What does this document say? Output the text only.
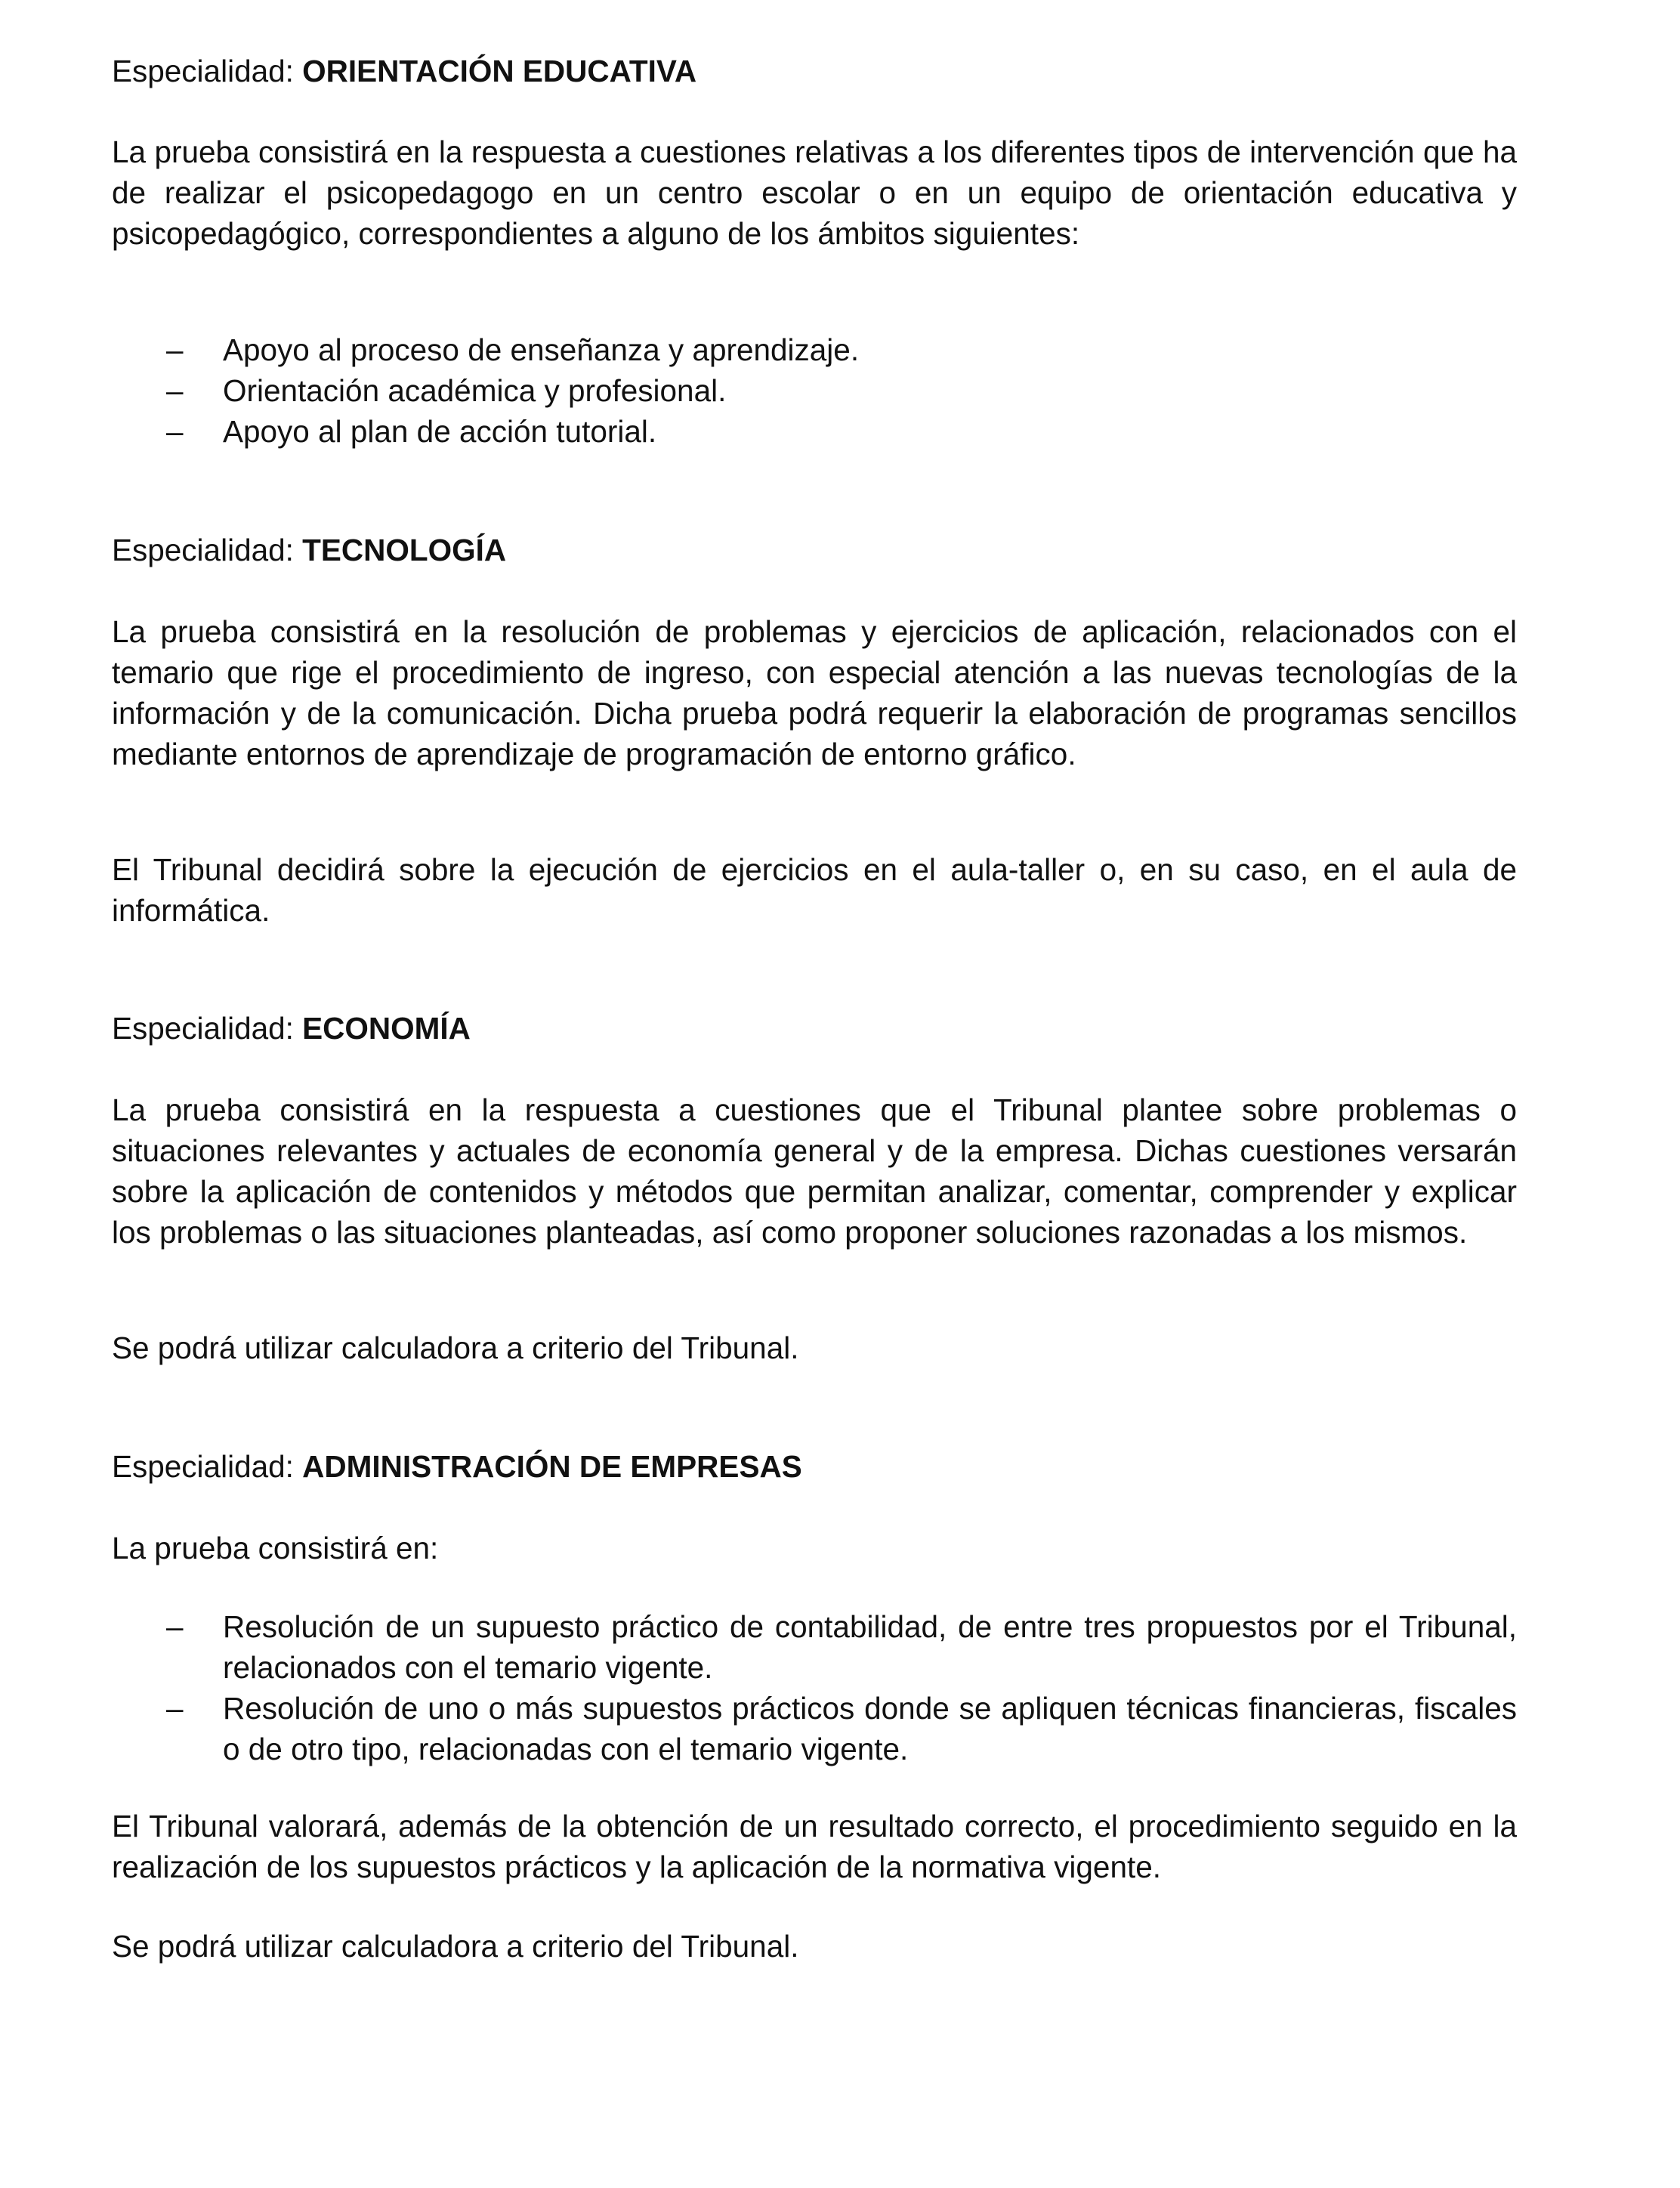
Especialidad: ORIENTACIÓN EDUCATIVA

La prueba consistirá en la respuesta a cuestiones relativas a los diferentes tipos de intervención que ha de realizar el psicopedagogo en un centro escolar o en un equipo de orientación educativa y psicopedagógico, correspondientes a alguno de los ámbitos siguientes:

– Apoyo al proceso de enseñanza y aprendizaje.
– Orientación académica y profesional.
– Apoyo al plan de acción tutorial.
Especialidad: TECNOLOGÍA

La prueba consistirá en la resolución de problemas y ejercicios de aplicación, relacionados con el temario que rige el procedimiento de ingreso, con especial atención a las nuevas tecnologías de la información y de la comunicación. Dicha prueba podrá requerir la elaboración de programas sencillos mediante entornos de aprendizaje de programación de entorno gráfico.

El Tribunal decidirá sobre la ejecución de ejercicios en el aula-taller o, en su caso, en el aula de informática.

Especialidad: ECONOMÍA

La prueba consistirá en la respuesta a cuestiones que el Tribunal plantee sobre problemas o situaciones relevantes y actuales de economía general y de la empresa. Dichas cuestiones versarán sobre la aplicación de contenidos y métodos que permitan analizar, comentar, comprender y explicar los problemas o las situaciones planteadas, así como proponer soluciones razonadas a los mismos.

Se podrá utilizar calculadora a criterio del Tribunal.

Especialidad: ADMINISTRACIÓN DE EMPRESAS

La prueba consistirá en:

– Resolución de un supuesto práctico de contabilidad, de entre tres propuestos por el Tribunal, relacionados con el temario vigente.
– Resolución de uno o más supuestos prácticos donde se apliquen técnicas financieras, fiscales o de otro tipo, relacionadas con el temario vigente.

El Tribunal valorará, además de la obtención de un resultado correcto, el procedimiento seguido en la realización de los supuestos prácticos y la aplicación de la normativa vigente.

Se podrá utilizar calculadora a criterio del Tribunal.
